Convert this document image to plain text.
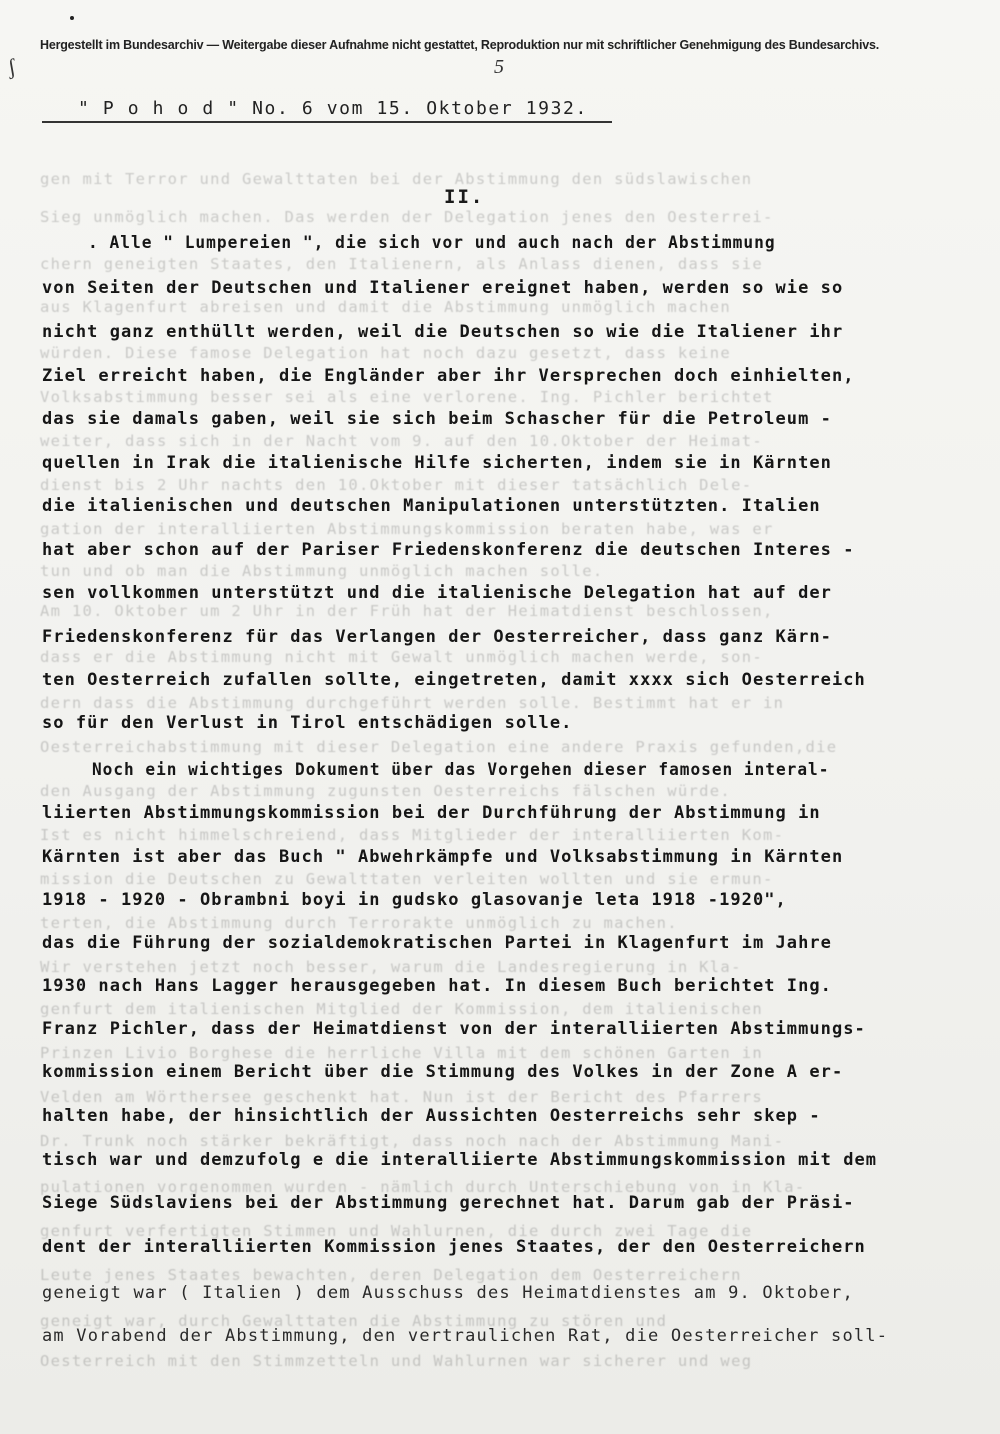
Hergestellt im Bundesarchiv — Weitergabe dieser Aufnahme nicht gestattet, Reproduktion nur mit schriftlicher Genehmigung des Bundesarchivs.
ʃ	5
" P o h o d " No. 6 vom 15. Oktober 1932.
gen mit Terror und Gewalttaten bei der Abstimmung den südslawischen
Sieg unmöglich machen. Das werden der Delegation jenes den Oesterrei-
chern geneigten Staates, den Italienern, als Anlass dienen, dass sie
aus Klagenfurt abreisen und damit die Abstimmung unmöglich machen
würden. Diese famose Delegation hat noch dazu gesetzt, dass keine
Volksabstimmung besser sei als eine verlorene. Ing. Pichler berichtet
weiter, dass sich in der Nacht vom 9. auf den 10.Oktober der Heimat-
dienst bis 2 Uhr nachts den 10.Oktober mit dieser tatsächlich Dele-
gation der interalliierten Abstimmungskommission beraten habe, was er
tun und ob man die Abstimmung unmöglich machen solle.
Am 10. Oktober um 2 Uhr in der Früh hat der Heimatdienst beschlossen,
dass er die Abstimmung nicht mit Gewalt unmöglich machen werde, son-
dern dass die Abstimmung durchgeführt werden solle. Bestimmt hat er in
Oesterreichabstimmung mit dieser Delegation eine andere Praxis gefunden,die
den Ausgang der Abstimmung zugunsten Oesterreichs fälschen würde.
Ist es nicht himmelschreiend, dass Mitglieder der interalliierten Kom-
mission die Deutschen zu Gewalttaten verleiten wollten und sie ermun-
terten, die Abstimmung durch Terrorakte unmöglich zu machen.
Wir verstehen jetzt noch besser, warum die Landesregierung in Kla-
genfurt dem italienischen Mitglied der Kommission, dem italienischen
Prinzen Livio Borghese die herrliche Villa mit dem schönen Garten in
Velden am Wörthersee geschenkt hat. Nun ist der Bericht des Pfarrers
Dr. Trunk noch stärker bekräftigt, dass noch nach der Abstimmung Mani-
pulationen vorgenommen wurden - nämlich durch Unterschiebung von in Kla-
genfurt verfertigten Stimmen und Wahlurnen, die durch zwei Tage die
Leute jenes Staates bewachten, deren Delegation dem Oesterreichern
geneigt war, durch Gewalttaten die Abstimmung zu stören und
Oesterreich mit den Stimmzetteln und Wahlurnen war sicherer und weg
II.
. Alle " Lumpereien ", die sich vor und auch nach der Abstimmung
von Seiten der Deutschen und Italiener ereignet haben, werden so wie so
nicht ganz enthüllt werden, weil die Deutschen so wie die Italiener ihr
Ziel erreicht haben, die Engländer aber ihr Versprechen doch einhielten,
das sie damals gaben, weil sie sich beim Schascher für die Petroleum -
quellen in Irak die italienische Hilfe sicherten, indem sie in Kärnten
die italienischen und deutschen Manipulationen unterstützten. Italien
hat aber schon auf der Pariser Friedenskonferenz die deutschen Interes -
sen vollkommen unterstützt und die italienische Delegation hat auf der
Friedenskonferenz für das Verlangen der Oesterreicher, dass ganz Kärn-
ten Oesterreich zufallen sollte, eingetreten, damit xxxx sich Oesterreich
so für den Verlust in Tirol entschädigen solle.
Noch ein wichtiges Dokument über das Vorgehen dieser famosen interal-
liierten Abstimmungskommission bei der Durchführung der Abstimmung in
Kärnten ist aber das Buch " Abwehrkämpfe und Volksabstimmung in Kärnten
1918 - 1920 - Obrambni boyi in gudsko glasovanje leta 1918 -1920",
das die Führung der sozialdemokratischen Partei in Klagenfurt im Jahre
1930 nach Hans Lagger herausgegeben hat. In diesem Buch berichtet Ing.
Franz Pichler, dass der Heimatdienst von der interalliierten Abstimmungs-
kommission einem Bericht über die Stimmung des Volkes in der Zone A er-
halten habe, der hinsichtlich der Aussichten Oesterreichs sehr skep -
tisch war und demzufolg e die interalliierte Abstimmungskommission mit dem
Siege Südslaviens bei der Abstimmung gerechnet hat. Darum gab der Präsi-
dent der interalliierten Kommission jenes Staates, der den Oesterreichern
geneigt war ( Italien ) dem Ausschuss des Heimatdienstes am 9. Oktober,
am Vorabend der Abstimmung, den vertraulichen Rat, die Oesterreicher soll-
